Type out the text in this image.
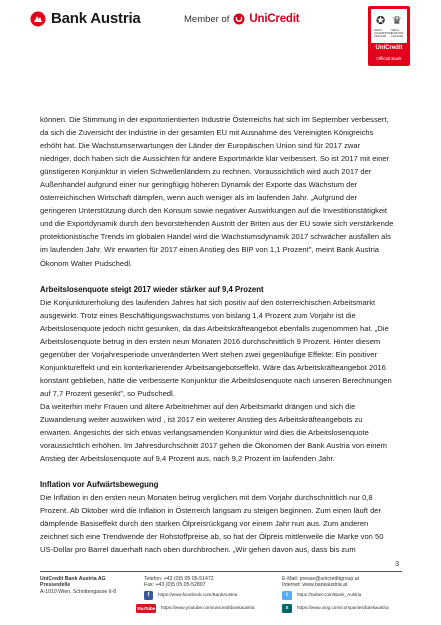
Bank Austria	Member of UniCredit	✪ ♛
UEFA CHAMPIONS LEAGUE
UEFA EUROPA LEAGUE
UniCredit
Official Bank

können. Die Stimmung in der exportorientierten Industrie Österreichs hat sich im September verbessert,
da sich die Zuversicht der Industrie in der gesamten EU mit Ausnahme des Vereinigten Königreichs
erhöht hat. Die Wachstumserwartungen der Länder der Europäischen Union sind für 2017 zwar
niedriger, doch haben sich die Aussichten für andere Exportmärkte klar verbessert. So ist 2017 mit einer
günstigeren Konjunktur in vielen Schwellenländern zu rechnen. Voraussichtlich wird auch 2017 der
Außenhandel aufgrund einer nur geringfügig höheren Dynamik der Exporte das Wachstum der
österreichischen Wirtschaft dämpfen, wenn auch weniger als im laufenden Jahr. „Aufgrund der
geringeren Unterstützung durch den Konsum sowie negativer Auswirkungen auf die Investitionstätigkeit
und die Exportdynamik durch den bevorstehenden Austritt der Briten aus der EU sowie sich verstärkende
protektionistische Trends im globalen Handel wird die Wachstumsdynamik 2017 schwächer ausfallen als
im laufenden Jahr. Wir erwarten für 2017 einen Anstieg des BIP von 1,1 Prozent", meint Bank Austria
Ökonom Walter Pudschedl.

Arbeitslosenquote steigt 2017 wieder stärker auf 9,4 Prozent

Die Konjunkturerholung des laufenden Jahres hat sich positiv auf den österreichischen Arbeitsmarkt
ausgewirkt. Trotz eines Beschäftigungswachstums von bislang 1,4 Prozent zum Vorjahr ist die
Arbeitslosenquote jedoch nicht gesunken, da das Arbeitskräfteangebot ebenfalls zugenommen hat. „Die
Arbeitslosenquote betrug in den ersten neun Monaten 2016 durchschnittlich 9 Prozent. Hinter diesem
gegenüber der Vorjahresperiode unveränderten Wert stehen zwei gegenläufige Effekte: Ein positiver
Konjunktureffekt und ein konterkarierender Arbeitsangebotseffekt. Wäre das Arbeitskräfteangebot 2016
konstant geblieben, hätte die verbesserte Konjunktur die Arbeitslosenquote nach unseren Berechnungen
auf 7,7 Prozent gesenkt", so Pudschedl.

Da weiterhin mehr Frauen und ältere Arbeitnehmer auf den Arbeitsmarkt drängen und sich die
Zuwanderung weiter auswirken wird , ist 2017 ein weiterer Anstieg des Arbeitskräfteangebots zu
erwarten. Angesichts der sich etwas verlangsamenden Konjunktur wird dies die Arbeitslosenquote
voraussichtlich erhöhen. Im Jahresdurchschnitt 2017 gehen die Ökonomen der Bank Austria von einem
Anstieg der Arbeitslosenquote auf 9,4 Prozent aus, nach 9,2 Prozent im laufenden Jahr.

Inflation vor Aufwärtsbewegung

Die Inflation in den ersten neun Monaten betrug verglichen mit dem Vorjahr durchschnittlich nur 0,8
Prozent. Ab Oktober wird die Inflation in Österreich langsam zu steigen beginnen. Zum einen läuft der
dämpfende Basiseffekt durch den starken Ölpreisrückgang vor einem Jahr nun aus. Zum anderen
zeichnet sich eine Trendwende der Rohstoffpreise ab, so hat der Ölpreis mittlerweile die Marke von 50
US-Dollar pro Barrel dauerhaft nach oben durchbrochen. „Wir gehen davon aus, dass bis zum

3
UniCredit Bank Austria AG
Pressestelle
A-1010 Wien, Schottengasse 6-8
Telefon: +43 (0)5 05 05-51472
Fax: +43 (0)5 05 05-52807
E-Mail: presse@unicreditgroup.at
Internet: www.bankaustria.at
f	https://www.facebook.com/BankAustria
YouTube https://www.youtube.com/unicreditbankaustria
t	https://twitter.com/Bank_Austria
x	https://www.xing.com/companies/bankaustria
